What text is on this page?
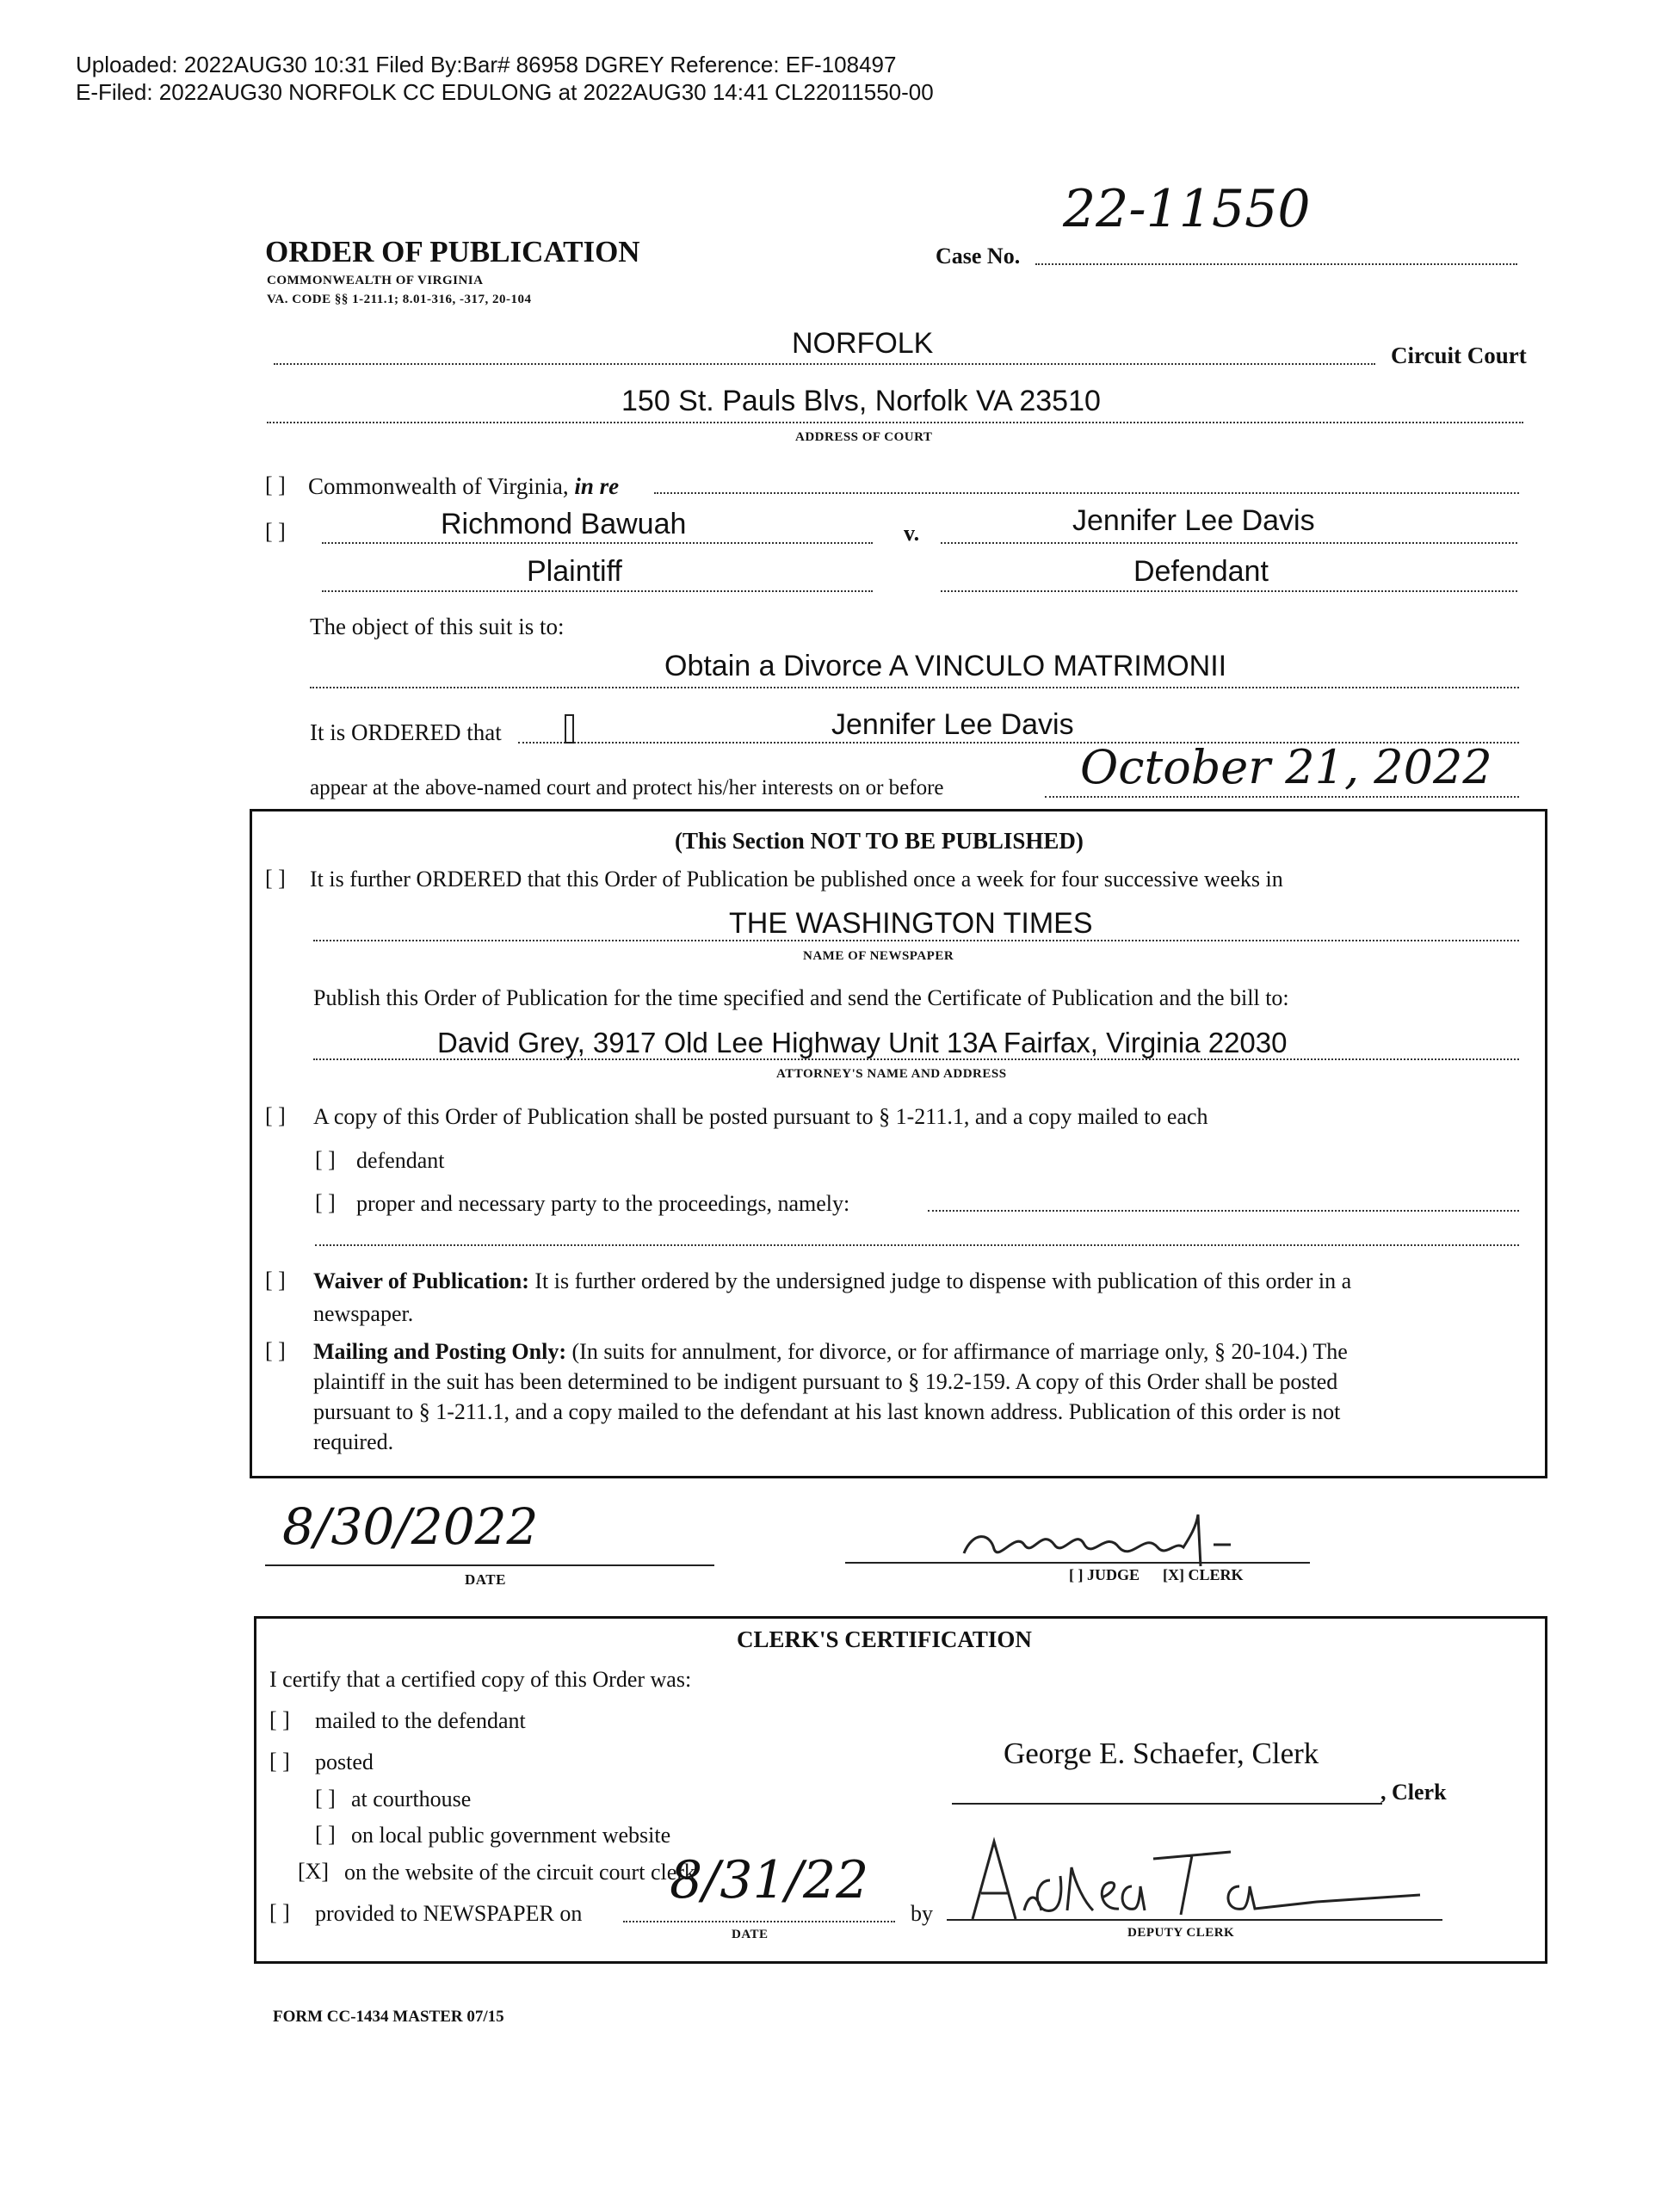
Uploaded: 2022AUG30 10:31 Filed By:Bar# 86958 DGREY Reference: EF-108497
E-Filed: 2022AUG30 NORFOLK CC EDULONG at 2022AUG30 14:41 CL22011550-00
ORDER OF PUBLICATION
COMMONWEALTH OF VIRGINIA
VA. CODE §§ 1-211.1; 8.01-316, -317, 20-104
Case No.
22-11550
NORFOLK	Circuit Court
150 St. Pauls Blvs, Norfolk VA 23510
ADDRESS OF COURT
[ ] Commonwealth of Virginia, in re
[ ]	Richmond Bawuah	v.	Jennifer Lee Davis
Plaintiff	Defendant
The object of this suit is to:
Obtain a Divorce A VINCULO MATRIMONII
It is ORDERED that	Jennifer Lee Davis
appear at the above-named court and protect his/her interests on or before	October 21, 2022
(This Section NOT TO BE PUBLISHED)
[ ] It is further ORDERED that this Order of Publication be published once a week for four successive weeks in
THE WASHINGTON TIMES
NAME OF NEWSPAPER
Publish this Order of Publication for the time specified and send the Certificate of Publication and the bill to:
David Grey, 3917 Old Lee Highway Unit 13A Fairfax, Virginia 22030
ATTORNEY'S NAME AND ADDRESS
[ ] A copy of this Order of Publication shall be posted pursuant to § 1-211.1, and a copy mailed to each
[ ] defendant
[ ] proper and necessary party to the proceedings, namely:
[ ] Waiver of Publication: It is further ordered by the undersigned judge to dispense with publication of this order in a
newspaper.
[ ] Mailing and Posting Only: (In suits for annulment, for divorce, or for affirmance of marriage only, § 20-104.) The
plaintiff in the suit has been determined to be indigent pursuant to § 19.2-159. A copy of this Order shall be posted
pursuant to § 1-211.1, and a copy mailed to the defendant at his last known address. Publication of this order is not
required.
8/30/2022
DATE	[ ] JUDGE [X] CLERK
CLERK'S CERTIFICATION
I certify that a certified copy of this Order was:
[ ] mailed to the defendant
[ ] posted
[ ] at courthouse
[ ] on local public government website
[X] on the website of the circuit court clerk
[ ] provided to NEWSPAPER on
8/31/22
DATE
by
George E. Schaefer, Clerk
, Clerk
DEPUTY CLERK
FORM CC-1434 MASTER 07/15
